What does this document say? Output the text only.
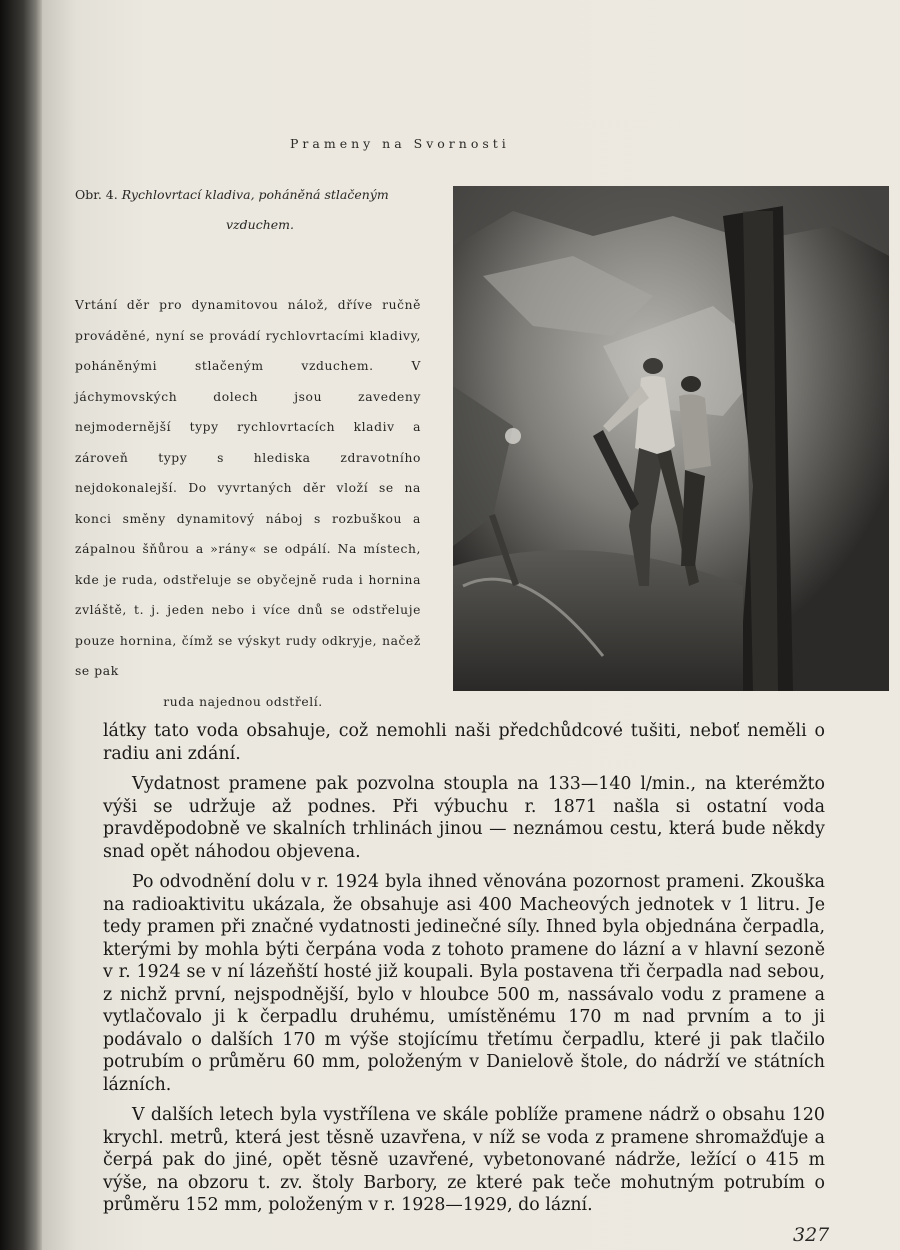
Prameny na Svornosti
Obr. 4. Rychlovrtací kladiva, poháněná stlačeným
vzduchem.
Vrtání děr pro dynamitovou nálož, dříve ručně prováděné, nyní se provádí rychlovrtacími kladivy, poháněnými stlačeným vzduchem. V jáchymovských dolech jsou zavedeny nejmodernější typy rychlovrtacích kladiv a zároveň typy s hlediska zdravotního nejdokonalejší. Do vyvrtaných děr vloží se na konci směny dynamitový náboj s rozbuškou a zápalnou šňůrou a »rány« se odpálí. Na místech, kde je ruda, odstřeluje se obyčejně ruda i hornina zvláště, t. j. jeden nebo i více dnů se odstřeluje pouze hornina, čímž se výskyt rudy odkryje, načež se pak
ruda najednou odstřelí.

látky tato voda obsahuje, což nemohli naši předchůdcové tušiti, neboť neměli o radiu ani zdání.

Vydatnost pramene pak pozvolna stoupla na 133—140 l/min., na kterémžto výši se udržuje až podnes. Při výbuchu r. 1871 našla si ostatní voda pravděpodobně ve skalních trhlinách jinou — neznámou cestu, která bude někdy snad opět náhodou objevena.

Po odvodnění dolu v r. 1924 byla ihned věnována pozornost prameni. Zkouška na radioaktivitu ukázala, že obsahuje asi 400 Macheových jednotek v 1 litru. Je tedy pramen při značné vydatnosti jedinečné síly. Ihned byla objednána čerpadla, kterými by mohla býti čerpána voda z tohoto pramene do lázní a v hlavní sezoně v r. 1924 se v ní lázeňští hosté již koupali. Byla postavena tři čerpadla nad sebou, z nichž první, nejspodnější, bylo v hloubce 500 m, nassávalo vodu z pramene a vytlačovalo ji k čerpadlu druhému, umístěnému 170 m nad prvním a to ji podávalo o dalších 170 m výše stojícímu třetímu čerpadlu, které ji pak tlačilo potrubím o průměru 60 mm, položeným v Danielově štole, do nádrží ve státních lázních.

V dalších letech byla vystřílena ve skále poblíže pramene nádrž o obsahu 120 krychl. metrů, která jest těsně uzavřena, v níž se voda z pramene shromažďuje a čerpá pak do jiné, opět těsně uzavřené, vybetonované nádrže, ležící o 415 m výše, na obzoru t. zv. štoly Barbory, ze které pak teče mohutným potrubím o průměru 152 mm, položeným v r. 1928—1929, do lázní.

327
